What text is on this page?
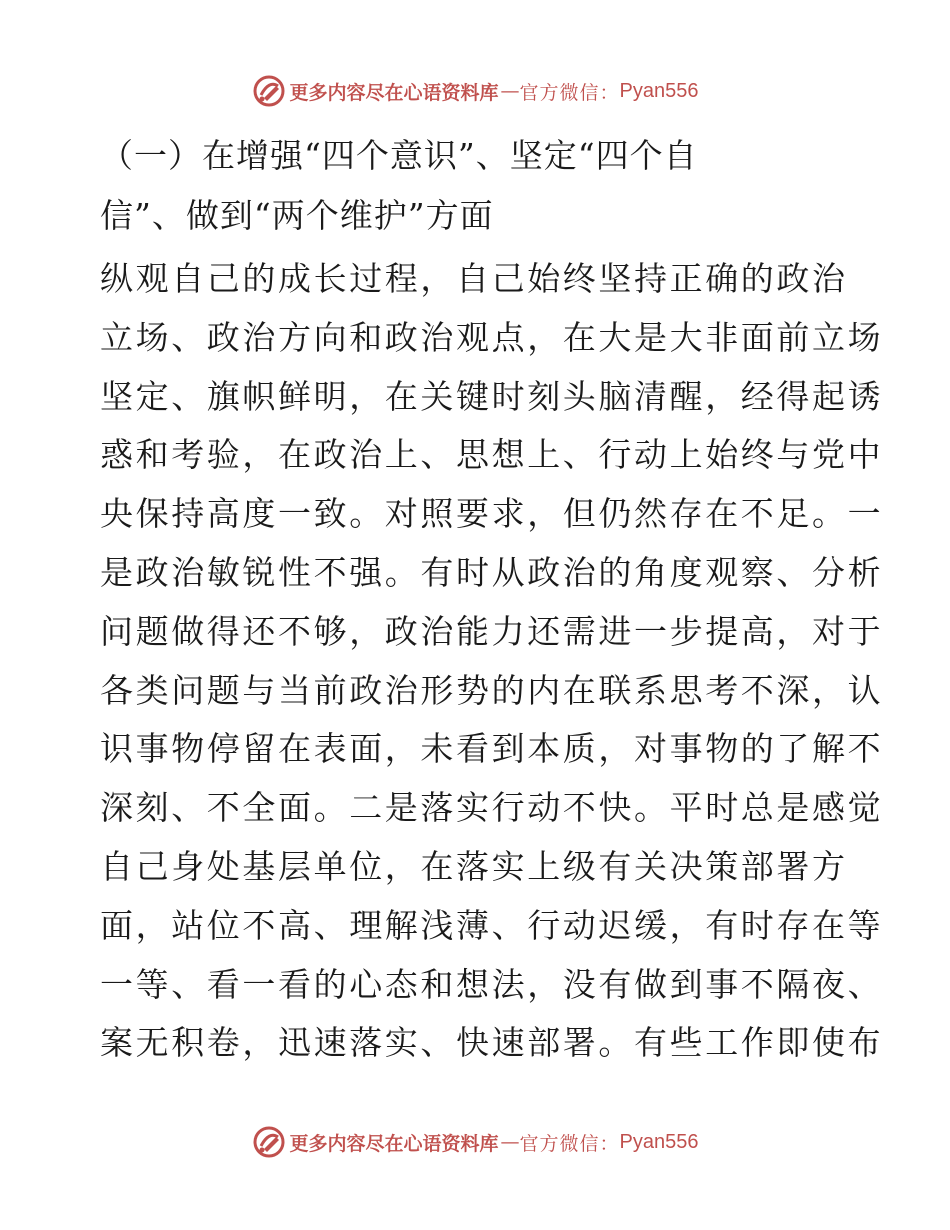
更多内容尽在心语资料库 — 官方微信： Pyan556
（一）在增强“四个意识”、坚定“四个自
信”、做到“两个维护”方面
纵观自己的成长过程，自己始终坚持正确的政治
立场、政治方向和政治观点，在大是大非面前立场
坚定、旗帜鲜明，在关键时刻头脑清醒，经得起诱
惑和考验，在政治上、思想上、行动上始终与党中
央保持高度一致。对照要求，但仍然存在不足。一
是政治敏锐性不强。有时从政治的角度观察、分析
问题做得还不够，政治能力还需进一步提高，对于
各类问题与当前政治形势的内在联系思考不深，认
识事物停留在表面，未看到本质，对事物的了解不
深刻、不全面。二是落实行动不快。平时总是感觉
自己身处基层单位，在落实上级有关决策部署方
面，站位不高、理解浅薄、行动迟缓，有时存在等
一等、看一看的心态和想法，没有做到事不隔夜、
案无积卷，迅速落实、快速部署。有些工作即使布
更多内容尽在心语资料库 — 官方微信： Pyan556
